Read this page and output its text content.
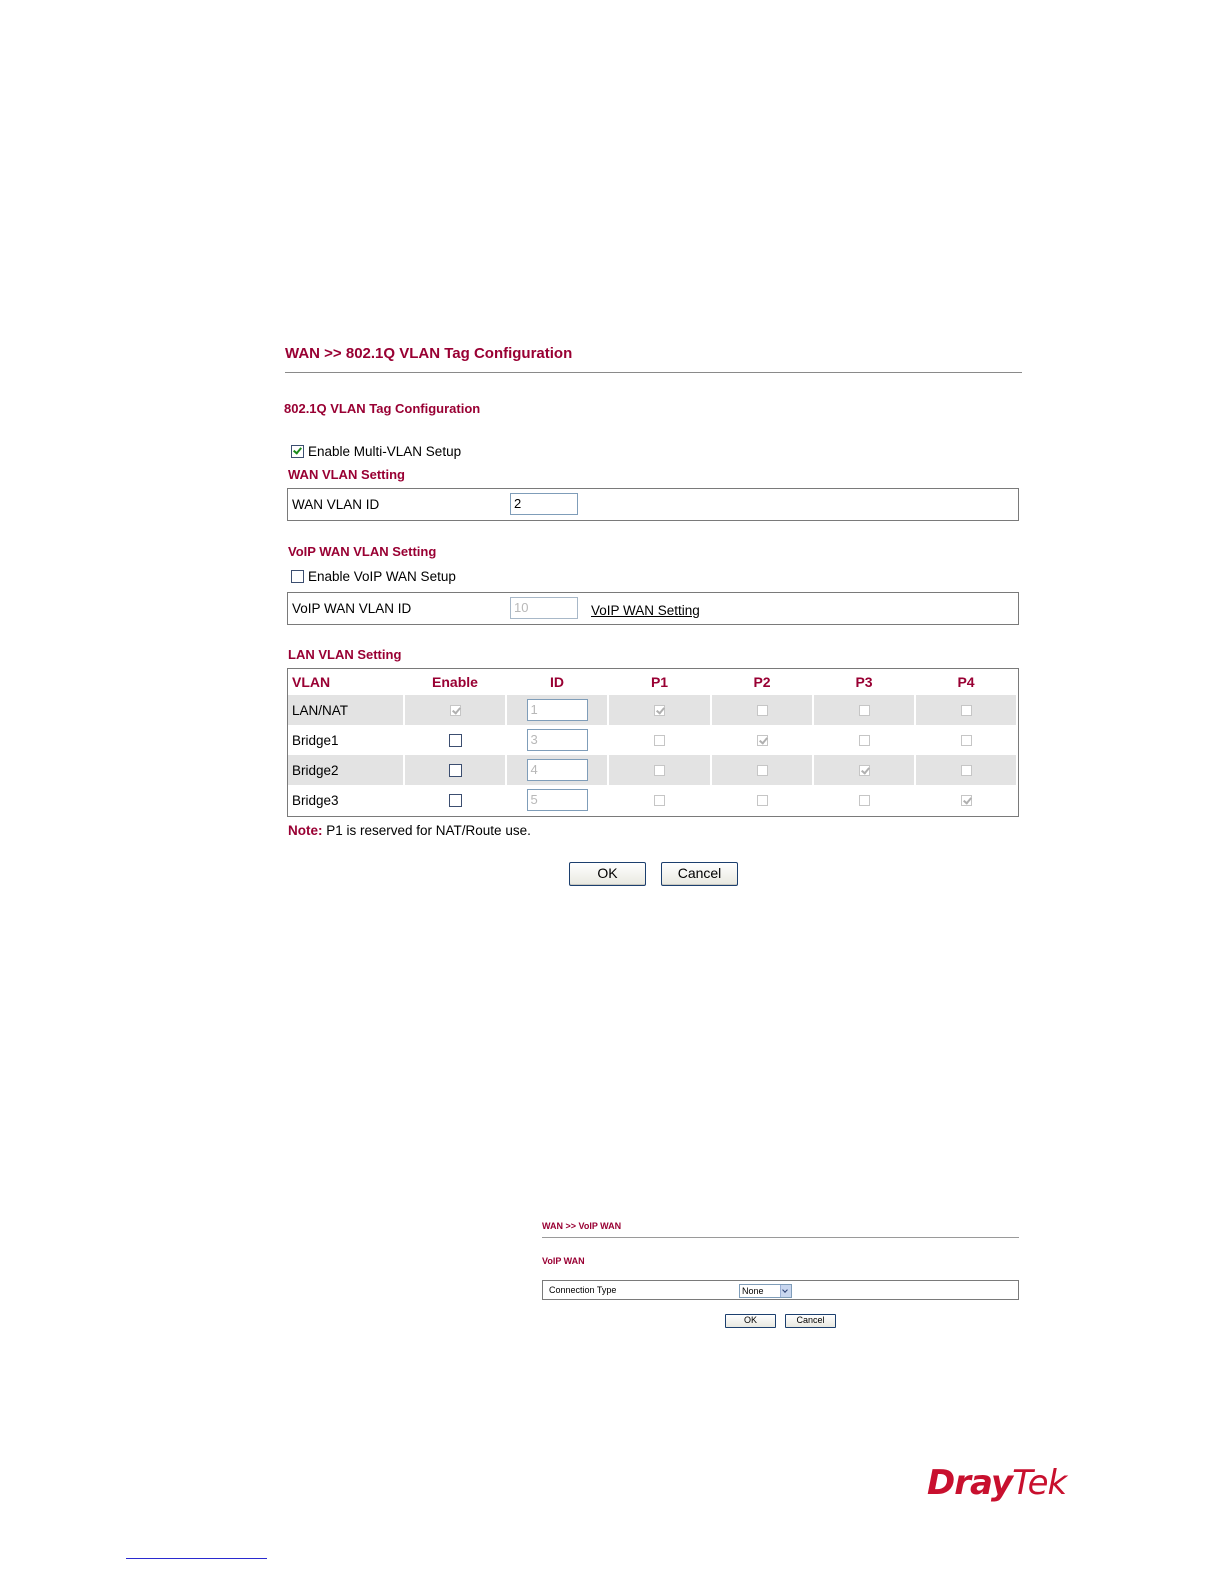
WAN >> 802.1Q VLAN Tag Configuration
802.1Q VLAN Tag Configuration
Enable Multi-VLAN Setup
WAN VLAN Setting
WAN VLAN ID	2
VoIP WAN VLAN Setting
Enable VoIP WAN Setup
VoIP WAN VLAN ID	10	VoIP WAN Setting
LAN VLAN Setting
VLAN	Enable	ID	P1	P2	P3	P4
LAN/NAT		1				
Bridge1		3				
Bridge2		4				
Bridge3		5				
Note: P1 is reserved for NAT/Route use.
OK	Cancel
WAN >> VoIP WAN
VoIP WAN
Connection Type	None
OK	Cancel
DrayTek
